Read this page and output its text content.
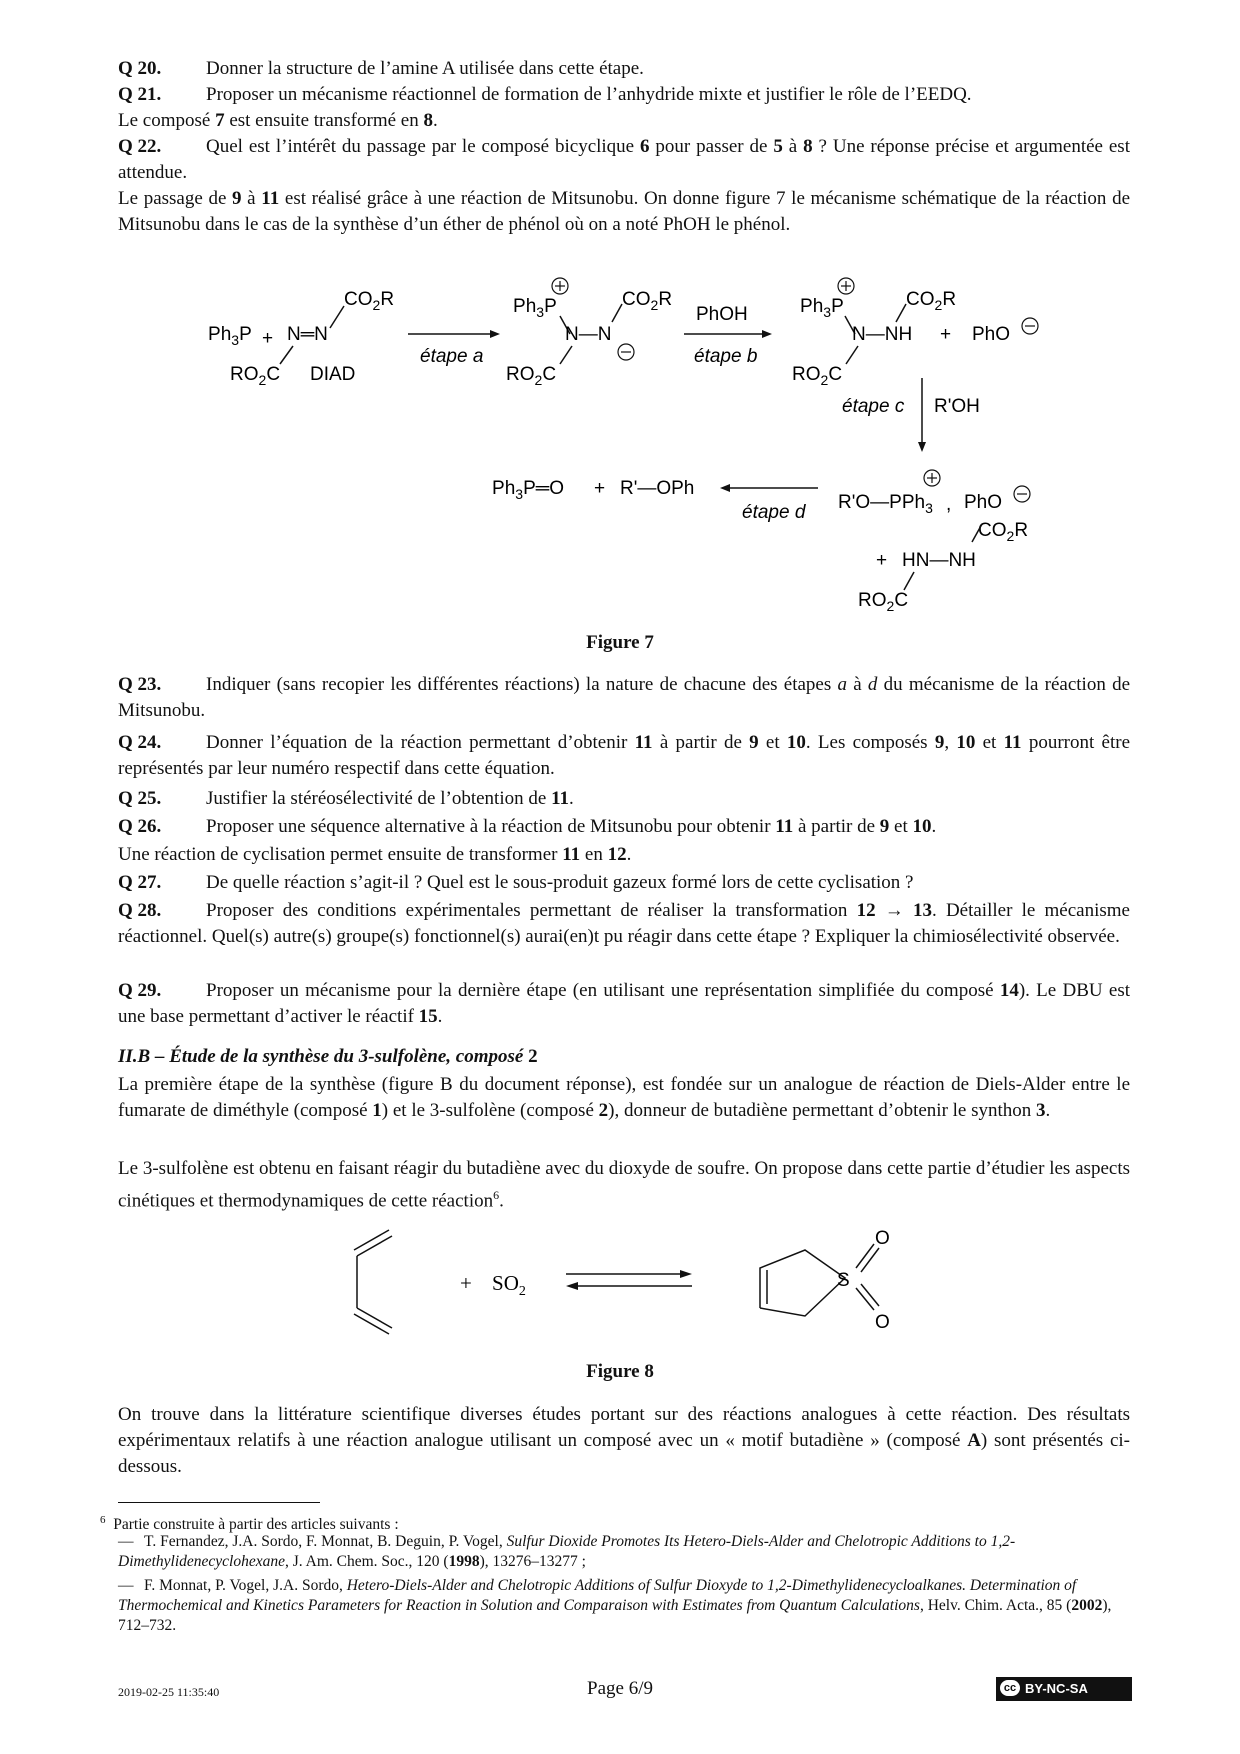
Q 20. Donner la structure de l’amine A utilisée dans cette étape.
Q 21. Proposer un mécanisme réactionnel de formation de l’anhydride mixte et justifier le rôle de l’EEDQ.
Le composé 7 est ensuite transformé en 8.
Q 22. Quel est l’intérêt du passage par le composé bicyclique 6 pour passer de 5 à 8 ? Une réponse précise et argumentée est attendue.
Le passage de 9 à 11 est réalisé grâce à une réaction de Mitsunobu. On donne figure 7 le mécanisme schématique de la réaction de Mitsunobu dans le cas de la synthèse d’un éther de phénol où on a noté PhOH le phénol.
$Ph_3P$ + N═N
$CO_2R$
$RO_2C$ DIAD
étape a
$Ph_3P$
N—N
$CO_2R$
$RO_2C$
PhOH
étape b
$Ph_3P$
N—NH
$CO_2R$
+ PhO
$RO_2C$
étape c R'OH
R'O—PPh$_3$ , PhO
$CO_2R$
+ HN—NH
$RO_2C$
étape d
$Ph_3P═O$ + R'—OPh
Figure 7
Q 23. Indiquer (sans recopier les différentes réactions) la nature de chacune des étapes a à d du mécanisme de la réaction de Mitsunobu.
Q 24. Donner l’équation de la réaction permettant d’obtenir 11 à partir de 9 et 10. Les composés 9, 10 et 11 pourront être représentés par leur numéro respectif dans cette équation.
Q 25. Justifier la stéréosélectivité de l’obtention de 11.
Q 26. Proposer une séquence alternative à la réaction de Mitsunobu pour obtenir 11 à partir de 9 et 10.
Une réaction de cyclisation permet ensuite de transformer 11 en 12.
Q 27. De quelle réaction s’agit-il ? Quel est le sous-produit gazeux formé lors de cette cyclisation ?
Q 28. Proposer des conditions expérimentales permettant de réaliser la transformation 12 → 13. Détailler le mécanisme réactionnel. Quel(s) autre(s) groupe(s) fonctionnel(s) aurai(en)t pu réagir dans cette étape ? Expliquer la chimiosélectivité observée.
Q 29. Proposer un mécanisme pour la dernière étape (en utilisant une représentation simplifiée du composé 14). Le DBU est une base permettant d’activer le réactif 15.
II.B – Étude de la synthèse du 3-sulfolène, composé 2
La première étape de la synthèse (figure B du document réponse), est fondée sur un analogue de réaction de Diels-Alder entre le fumarate de diméthyle (composé 1) et le 3-sulfolène (composé 2), donneur de butadiène permettant d’obtenir le synthon 3.
Le 3-sulfolène est obtenu en faisant réagir du butadiène avec du dioxyde de soufre. On propose dans cette partie d’étudier les aspects cinétiques et thermodynamiques de cette réaction$^6$.
+ $SO_2$
S
O
O
Figure 8
On trouve dans la littérature scientifique diverses études portant sur des réactions analogues à cette réaction. Des résultats expérimentaux relatifs à une réaction analogue utilisant un composé avec un « motif butadiène » (composé A) sont présentés ci-dessous.
$^6$ Partie construite à partir des articles suivants :
— T. Fernandez, J.A. Sordo, F. Monnat, B. Deguin, P. Vogel, Sulfur Dioxide Promotes Its Hetero-Diels-Alder and Chelotropic Additions to 1,2-Dimethylidenecyclohexane, J. Am. Chem. Soc., 120 (1998), 13276–13277 ;
— F. Monnat, P. Vogel, J.A. Sordo, Hetero-Diels-Alder and Chelotropic Additions of Sulfur Dioxyde to 1,2-Dimethylidenecycloalkanes. Determination of Thermochemical and Kinetics Parameters for Reaction in Solution and Comparaison with Estimates from Quantum Calculations, Helv. Chim. Acta., 85 (2002), 712–732.
2019-02-25 11:35:40	Page 6/9	cc BY-NC-SA
